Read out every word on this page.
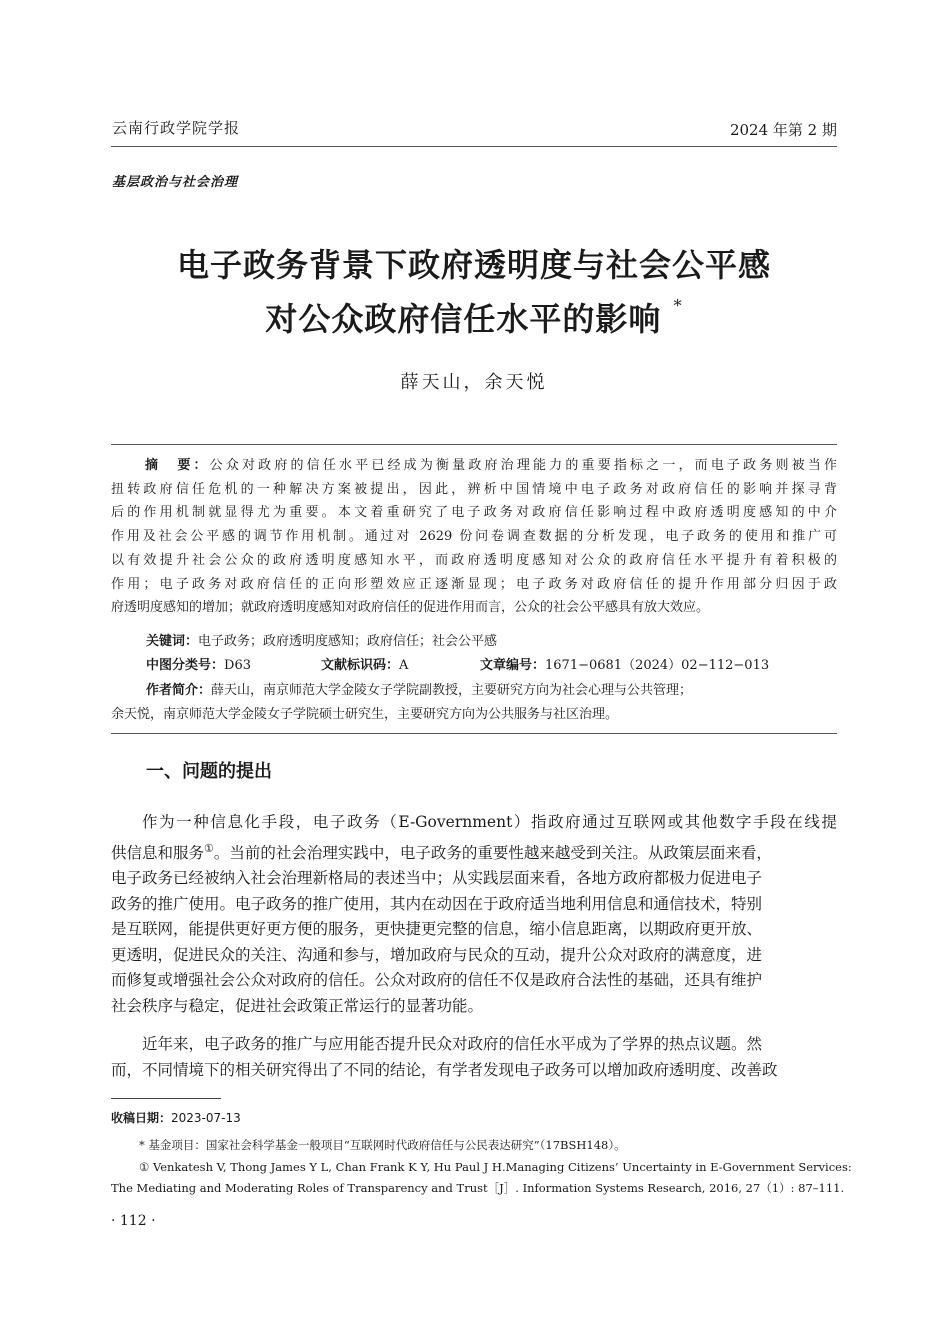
云南行政学院学报	2024 年第 2 期
基层政治与社会治理
电子政务背景下政府透明度与社会公平感
对公众政府信任水平的影响 *
薛天山，余天悦
摘　要：公众对政府的信任水平已经成为衡量政府治理能力的重要指标之一，而电子政务则被当作
扭转政府信任危机的一种解决方案被提出，因此，辨析中国情境中电子政务对政府信任的影响并探寻背
后的作用机制就显得尤为重要。本文着重研究了电子政务对政府信任影响过程中政府透明度感知的中介
作用及社会公平感的调节作用机制。通过对 2629 份问卷调查数据的分析发现，电子政务的使用和推广可
以有效提升社会公众的政府透明度感知水平，而政府透明度感知对公众的政府信任水平提升有着积极的
作用；电子政务对政府信任的正向形塑效应正逐渐显现；电子政务对政府信任的提升作用部分归因于政
府透明度感知的增加；就政府透明度感知对政府信任的促进作用而言，公众的社会公平感具有放大效应。
关键词：电子政务；政府透明度感知；政府信任；社会公平感
中图分类号：D63	文献标识码：A	文章编号：1671−0681（2024）02−112−013
作者简介：薛天山，南京师范大学金陵女子学院副教授，主要研究方向为社会心理与公共管理；
余天悦，南京师范大学金陵女子学院硕士研究生，主要研究方向为公共服务与社区治理。
一、问题的提出
作为一种信息化手段，电子政务（E-Government）指政府通过互联网或其他数字手段在线提
供信息和服务①。当前的社会治理实践中，电子政务的重要性越来越受到关注。从政策层面来看，
电子政务已经被纳入社会治理新格局的表述当中；从实践层面来看，各地方政府都极力促进电子
政务的推广使用。电子政务的推广使用，其内在动因在于政府适当地利用信息和通信技术，特别
是互联网，能提供更好更方便的服务，更快捷更完整的信息，缩小信息距离，以期政府更开放、
更透明，促进民众的关注、沟通和参与，增加政府与民众的互动，提升公众对政府的满意度，进
而修复或增强社会公众对政府的信任。公众对政府的信任不仅是政府合法性的基础，还具有维护
社会秩序与稳定，促进社会政策正常运行的显著功能。
近年来，电子政务的推广与应用能否提升民众对政府的信任水平成为了学界的热点议题。然
而，不同情境下的相关研究得出了不同的结论，有学者发现电子政务可以增加政府透明度、改善政
收稿日期：2023-07-13
* 基金项目：国家社会科学基金一般项目“互联网时代政府信任与公民表达研究”（17BSH148）。
① Venkatesh V, Thong James Y L, Chan Frank K Y, Hu Paul J H.Managing Citizens’ Uncertainty in E-Government Services:
The Mediating and Moderating Roles of Transparency and Trust［J］. Information Systems Research, 2016, 27（1）: 87–111.
· 112 ·
